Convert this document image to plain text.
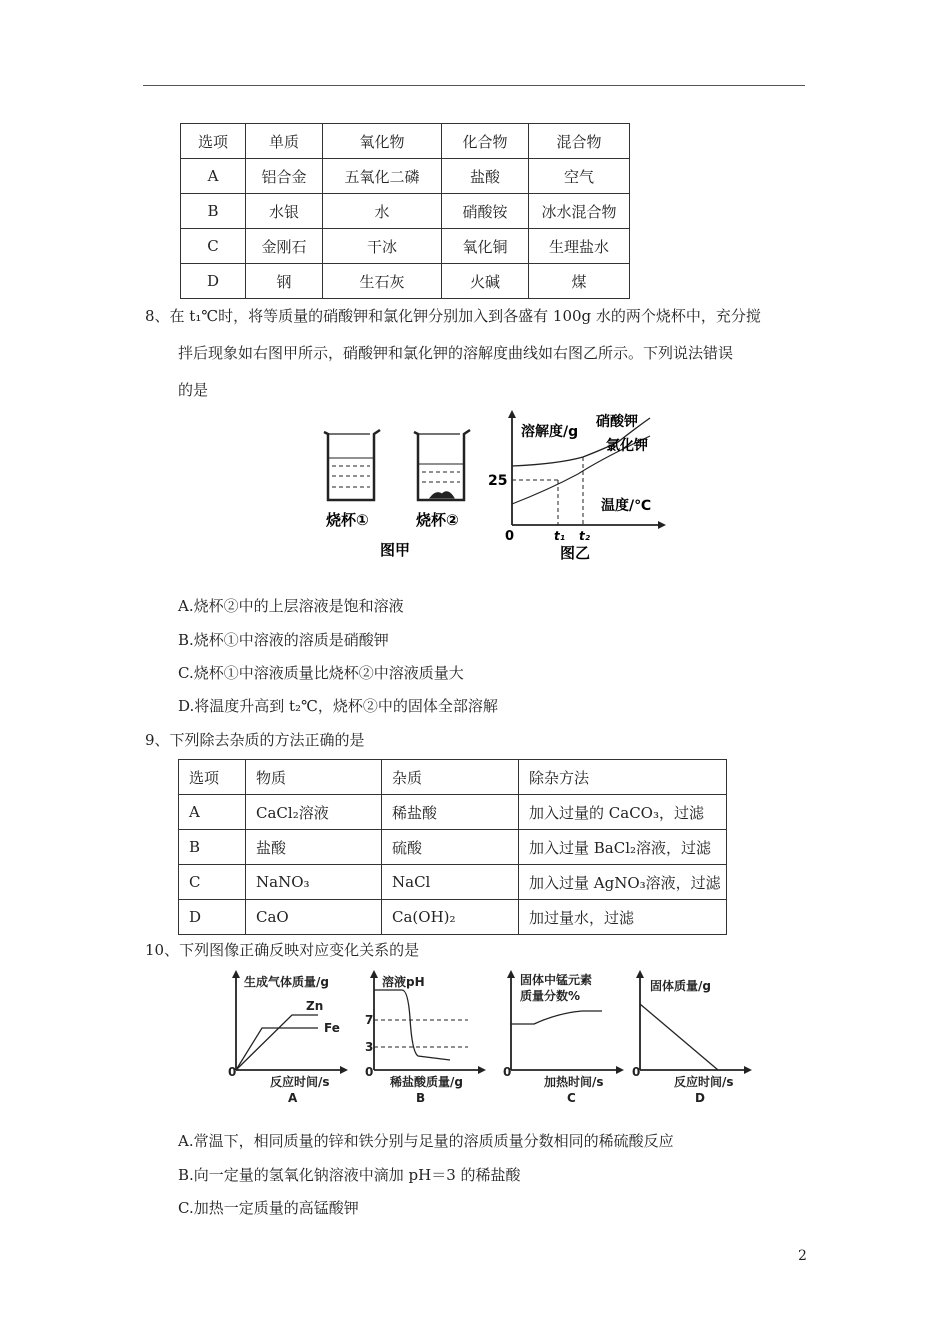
选项	单质	氧化物	化合物	混合物
A	铝合金	五氧化二磷	盐酸	空气
B	水银	水	硝酸铵	冰水混合物
C	金刚石	干冰	氧化铜	生理盐水
D	钢	生石灰	火碱	煤
8、在 t₁℃时，将等质量的硝酸钾和氯化钾分别加入到各盛有 100g 水的两个烧杯中，充分搅
拌后现象如右图甲所示，硝酸钾和氯化钾的溶解度曲线如右图乙所示。下列说法错误
的是
烧杯①	烧杯②
图甲
溶解度/g
硝酸钾
氯化钾
25
温度/℃
0	t₁ t₂
图乙
A.烧杯②中的上层溶液是饱和溶液
B.烧杯①中溶液的溶质是硝酸钾
C.烧杯①中溶液质量比烧杯②中溶液质量大
D.将温度升高到 t₂℃，烧杯②中的固体全部溶解
9、下列除去杂质的方法正确的是
选项	物质	杂质	除杂方法
A	CaCl₂溶液	稀盐酸	加入过量的 CaCO₃，过滤
B	盐酸	硫酸	加入过量 BaCl₂溶液，过滤
C	NaNO₃	NaCl	加入过量 AgNO₃溶液，过滤
D	CaO	Ca(OH)₂	加过量水，过滤
10、下列图像正确反映对应变化关系的是
生成气体质量/g
Zn
Fe
0
反应时间/s
A
溶液pH
7
3
0
稀盐酸质量/g
B
固体中锰元素
质量分数%
0
加热时间/s
C
固体质量/g
0
反应时间/s
D
A.常温下，相同质量的锌和铁分别与足量的溶质质量分数相同的稀硫酸反应
B.向一定量的氢氧化钠溶液中滴加 pH＝3 的稀盐酸
C.加热一定质量的高锰酸钾
2
